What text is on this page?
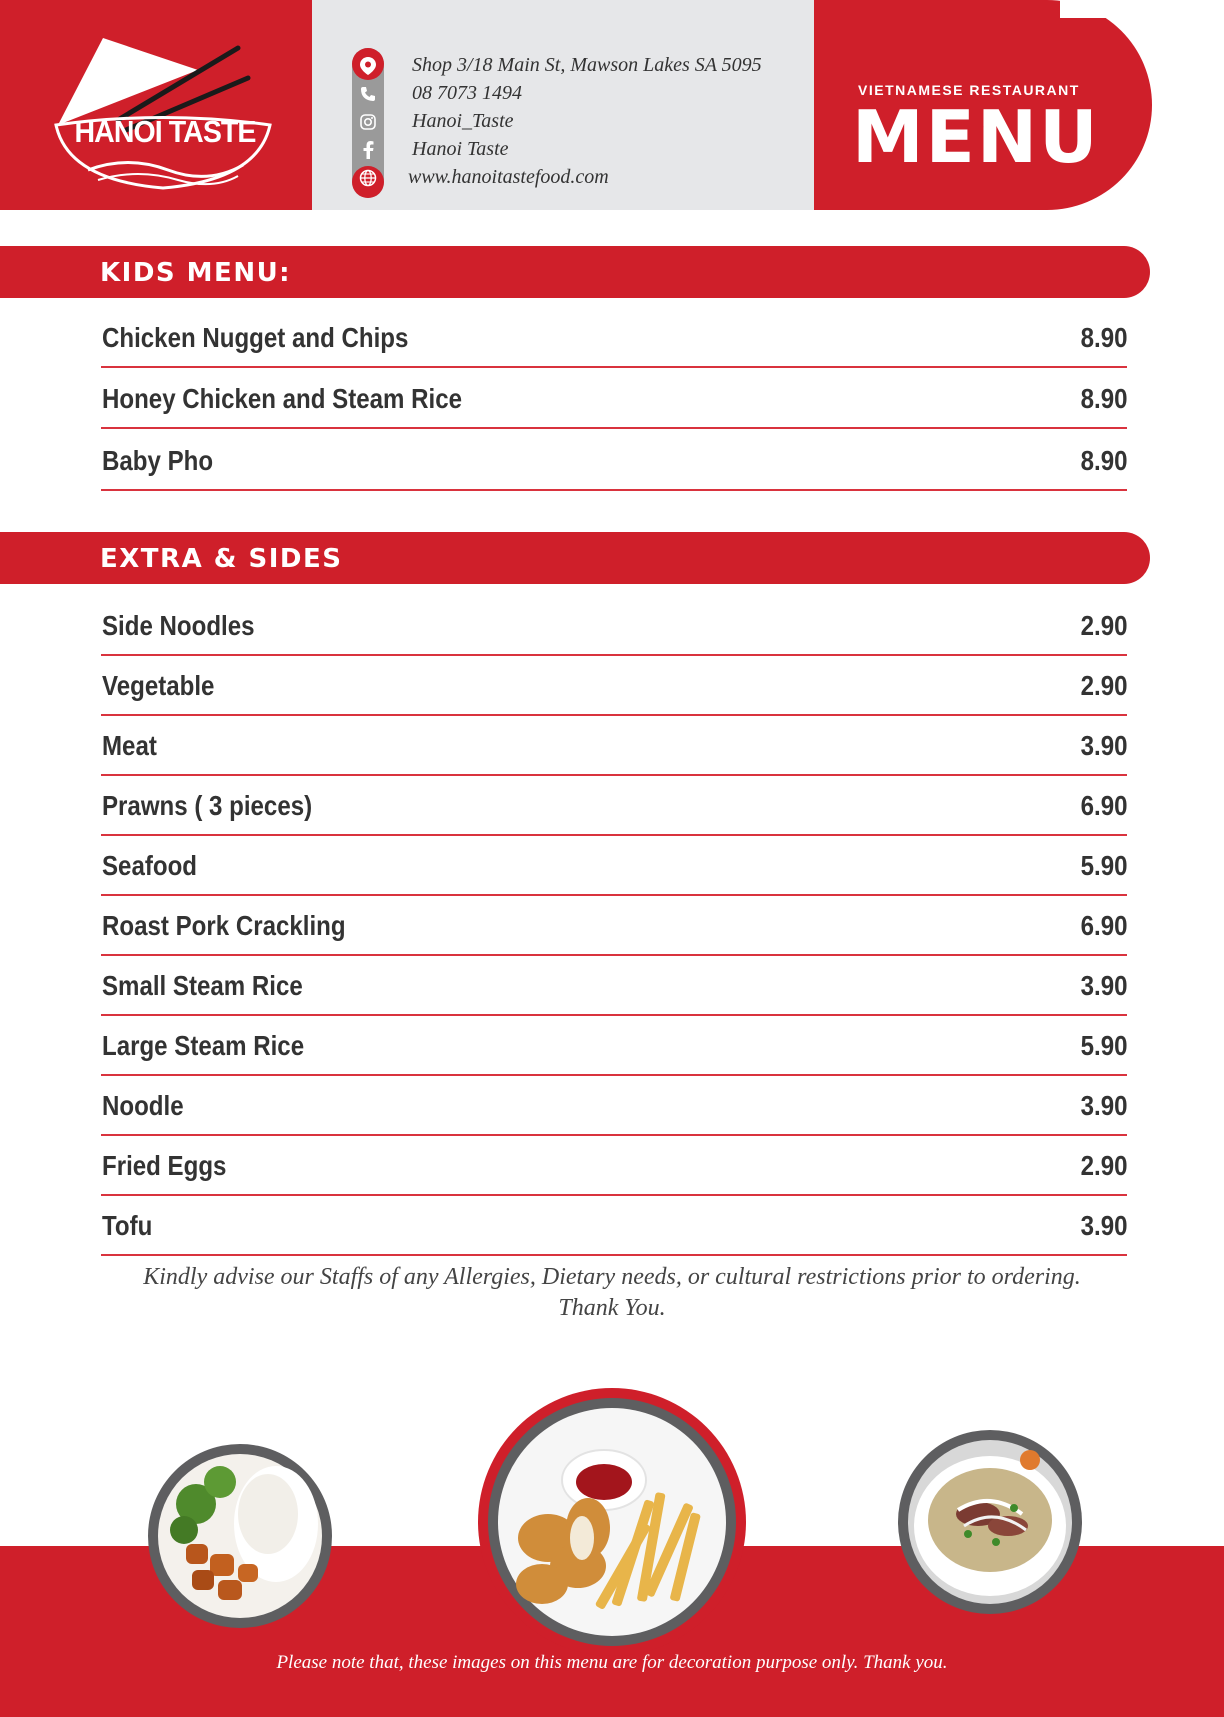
HANOI TASTE
Shop 3/18 Main St, Mawson Lakes SA 5095
08 7073 1494
Hanoi_Taste
Hanoi Taste
www.hanoitastefood.com
VIETNAMESE RESTAURANT
MENU
KIDS MENU:
Chicken Nugget and Chips	8.90
Honey Chicken and Steam Rice	8.90
Baby Pho	8.90
EXTRA & SIDES
Side Noodles	2.90
Vegetable	2.90
Meat	3.90
Prawns ( 3 pieces)	6.90
Seafood	5.90
Roast Pork Crackling	6.90
Small Steam Rice	3.90
Large Steam Rice	5.90
Noodle	3.90
Fried Eggs	2.90
Tofu	3.90
Kindly advise our Staffs of any Allergies, Dietary needs, or cultural restrictions prior to ordering.
Thank You.
Please note that, these images on this menu are for decoration purpose only. Thank you.
